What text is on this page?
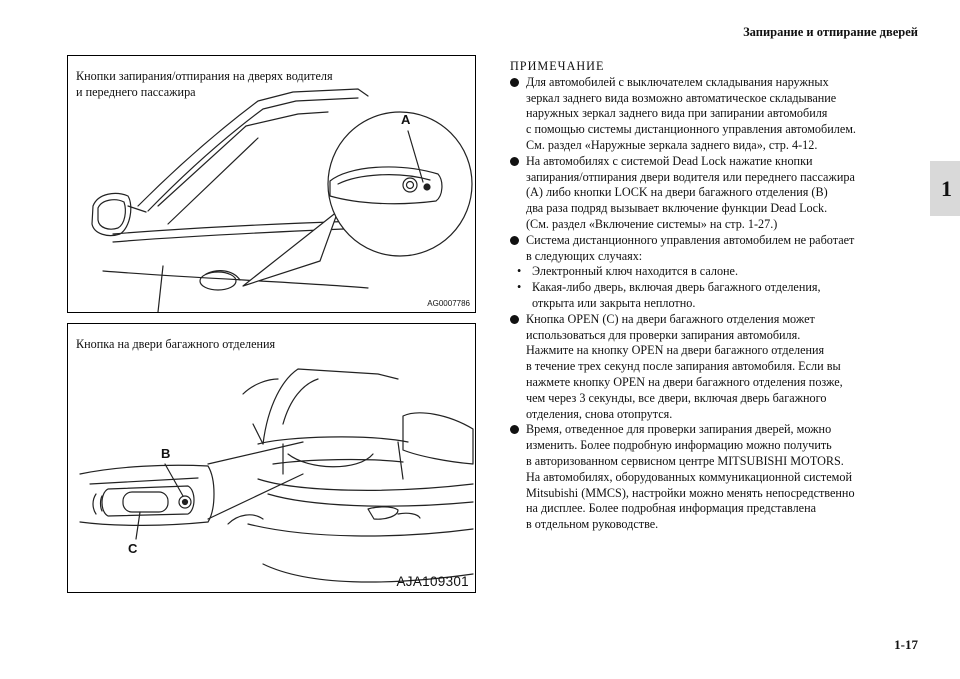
Запирание и отпирание дверей
1
Кнопки запирания/отпирания на дверях водителя
и переднего пассажира
A
AG0007786
Кнопка на двери багажного отделения
B
C
AJA109301
ПРИМЕЧАНИЕ
Для автомобилей с выключателем складывания наружных
зеркал заднего вида возможно автоматическое складывание
наружных зеркал заднего вида при запирании автомобиля
с помощью системы дистанционного управления автомобилем.
См. раздел «Наружные зеркала заднего вида», стр. 4-12.
На автомобилях с системой Dead Lock нажатие кнопки
запирания/отпирания двери водителя или переднего пассажира
(A) либо кнопки LOCK на двери багажного отделения (B)
два раза подряд вызывает включение функции Dead Lock.
(См. раздел «Включение системы» на стр. 1-27.)
Система дистанционного управления автомобилем не работает
в следующих случаях:
• Электронный ключ находится в салоне.
• Какая-либо дверь, включая дверь багажного отделения,
открыта или закрыта неплотно.
Кнопка OPEN (C) на двери багажного отделения может
использоваться для проверки запирания автомобиля.
Нажмите на кнопку OPEN на двери багажного отделения
в течение трех секунд после запирания автомобиля. Если вы
нажмете кнопку OPEN на двери багажного отделения позже,
чем через 3 секунды, все двери, включая дверь багажного
отделения, снова отопрутся.
Время, отведенное для проверки запирания дверей, можно
изменить. Более подробную информацию можно получить
в авторизованном сервисном центре MITSUBISHI MOTORS.
На автомобилях, оборудованных коммуникационной системой
Mitsubishi (MMCS), настройки можно менять непосредственно
на дисплее. Более подробная информация представлена
в отдельном руководстве.
1-17
